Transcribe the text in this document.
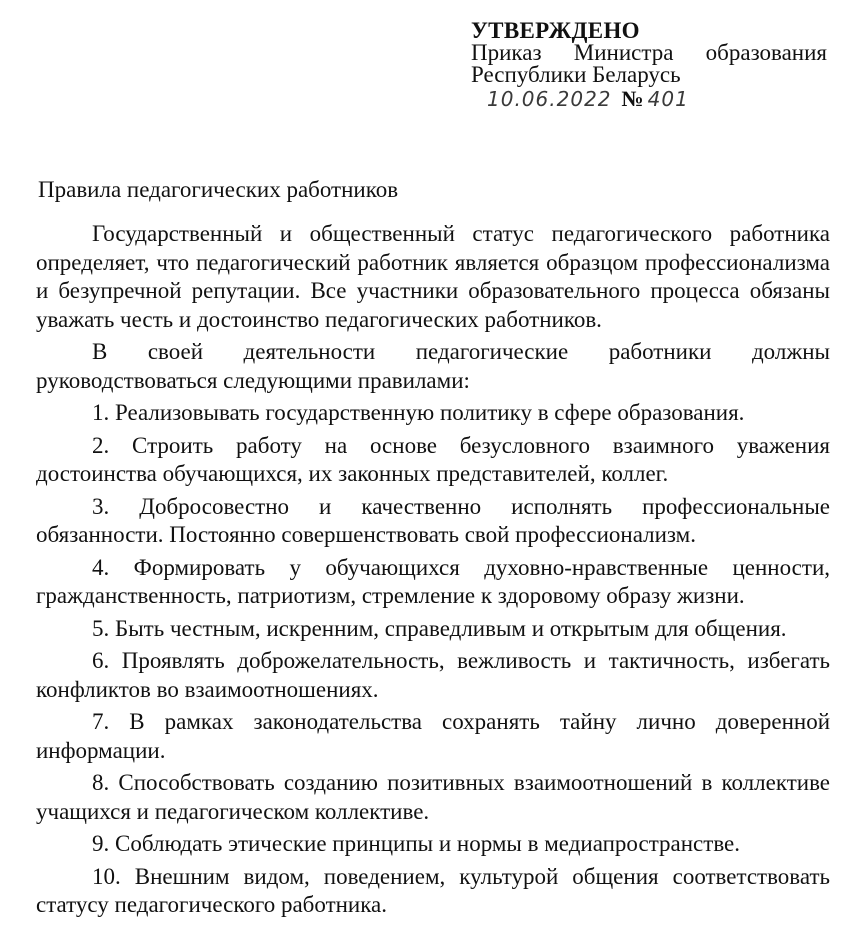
УТВЕРЖДЕНО
Приказ Министра образования
Республики Беларусь
10.06.2022 № 401
Правила педагогических работников

Государственный и общественный статус педагогического работника определяет, что педагогический работник является образцом профессионализма и безупречной репутации. Все участники образовательного процесса обязаны уважать честь и достоинство педагогических работников.

В своей деятельности педагогические работники должны руководствоваться следующими правилами:

1. Реализовывать государственную политику в сфере образования.

2. Строить работу на основе безусловного взаимного уважения достоинства обучающихся, их законных представителей, коллег.

3. Добросовестно и качественно исполнять профессиональные обязанности. Постоянно совершенствовать свой профессионализм.

4. Формировать у обучающихся духовно-нравственные ценности, гражданственность, патриотизм, стремление к здоровому образу жизни.

5. Быть честным, искренним, справедливым и открытым для общения.

6. Проявлять доброжелательность, вежливость и тактичность, избегать конфликтов во взаимоотношениях.

7. В рамках законодательства сохранять тайну лично доверенной информации.

8. Способствовать созданию позитивных взаимоотношений в коллективе учащихся и педагогическом коллективе.

9. Соблюдать этические принципы и нормы в медиапространстве.

10. Внешним видом, поведением, культурой общения соответствовать статусу педагогического работника.
